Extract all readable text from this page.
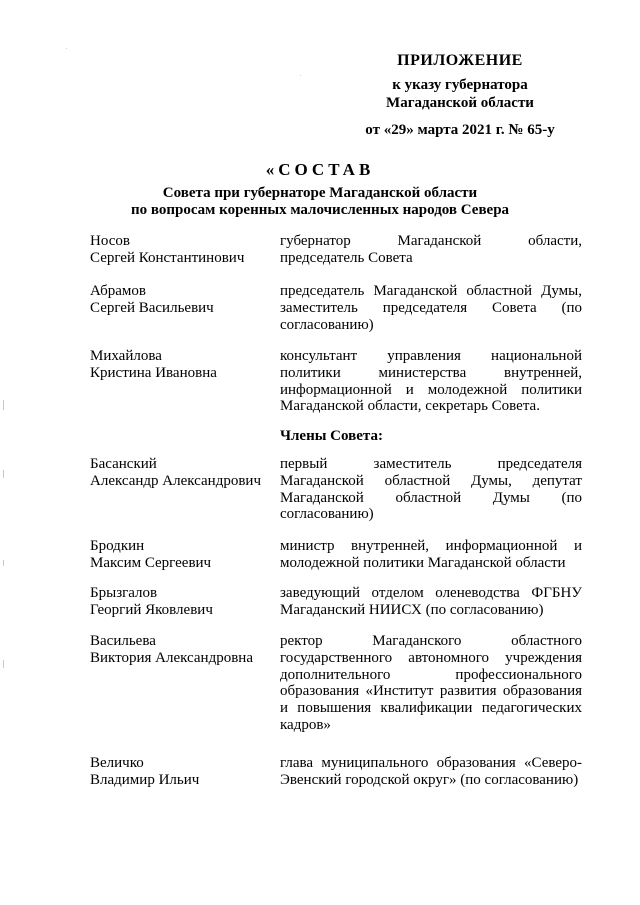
ПРИЛОЖЕНИЕ
к указу губернатора
Магаданской области
от «29» марта 2021 г. № 65-у
«СОСТАВ
Совета при губернаторе Магаданской области
по вопросам коренных малочисленных народов Севера
Носов
Сергей Константинович
губернатор Магаданской области, председатель Совета
Абрамов
Сергей Васильевич
председатель Магаданской областной Думы, заместитель председателя Совета (по согласованию)
Михайлова
Кристина Ивановна
консультант управления национальной политики министерства внутренней, информационной и молодежной политики Магаданской области, секретарь Совета.
Члены Совета:
Басанский
Александр Александрович
первый заместитель председателя Магаданской областной Думы, депутат Магаданской областной Думы (по согласованию)
Бродкин
Максим Сергеевич
министр внутренней, информационной и молодежной политики Магаданской области
Брызгалов
Георгий Яковлевич
заведующий отделом оленеводства ФГБНУ Магаданский НИИСХ (по согласованию)
Васильева
Виктория Александровна
ректор Магаданского областного государственного автономного учреждения дополнительного профессионального образования «Институт развития образования и повышения квалификации педагогических кадров»
Величко
Владимир Ильич
глава муниципального образования «Северо-Эвенский городской округ» (по согласованию)
